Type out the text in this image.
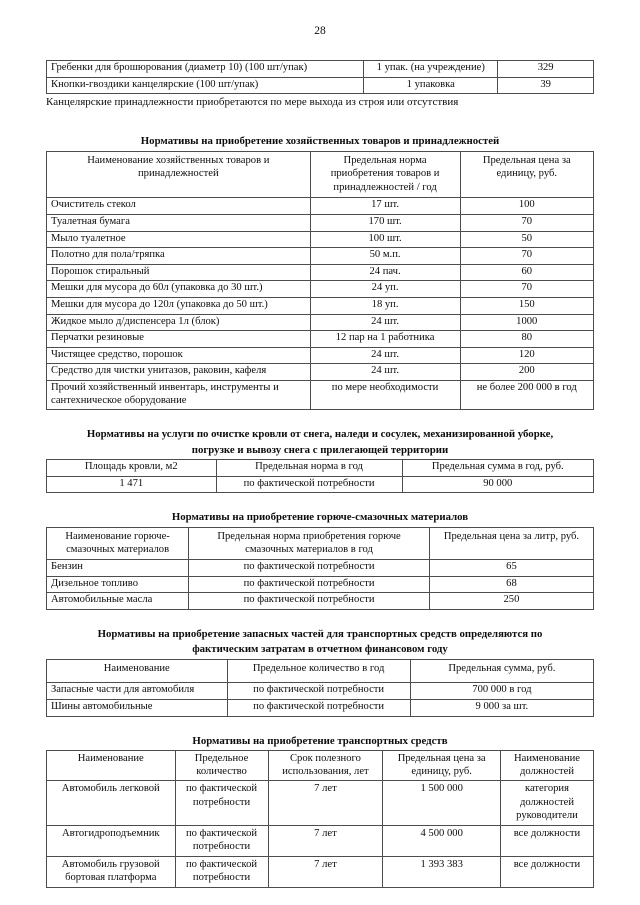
28
Гребенки для брошюрования (диаметр 10) (100 шт/упак)	1 упак. (на учреждение)	329
Кнопки-гвоздики канцелярские (100 шт/упак)	1 упаковка	39

Канцелярские принадлежности приобретаются по мере выхода из строя или отсутствия

Нормативы на приобретение хозяйственных товаров и принадлежностей
Наименование хозяйственных товаров и принадлежностей	Предельная норма приобретения товаров и принадлежностей / год	Предельная цена за единицу, руб.
Очиститель стекол	17 шт.	100
Туалетная бумага	170 шт.	70
Мыло туалетное	100 шт.	50
Полотно для пола/тряпка	50 м.п.	70
Порошок стиральный	24 пач.	60
Мешки для мусора до 60л (упаковка до 30 шт.)	24 уп.	70
Мешки для мусора до 120л (упаковка до 50 шт.)	18 уп.	150
Жидкое мыло д/диспенсера 1л (блок)	24 шт.	1000
Перчатки резиновые	12 пар на 1 работника	80
Чистящее средство, порошок	24 шт.	120
Средство для чистки унитазов, раковин, кафеля	24 шт.	200
Прочий хозяйственный инвентарь, инструменты и сантехническое оборудование	по мере необходимости	не более 200 000 в год
Нормативы на услуги по очистке кровли от снега, наледи и сосулек, механизированной уборке,
погрузке и вывозу снега с прилегающей территории
Площадь кровли, м2	Предельная норма в год	Предельная сумма в год, руб.
1 471	по фактической потребности	90 000
Нормативы на приобретение горюче-смазочных материалов
Наименование горюче-смазочных материалов	Предельная норма приобретения горюче смазочных материалов в год	Предельная цена за литр, руб.
Бензин	по фактической потребности	65
Дизельное топливо	по фактической потребности	68
Автомобильные масла	по фактической потребности	250
Нормативы на приобретение запасных частей для транспортных средств определяются по
фактическим затратам в отчетном финансовом году
Наименование	Предельное количество в год	Предельная сумма, руб.
Запасные части для автомобиля	по фактической потребности	700 000 в год
Шины автомобильные	по фактической потребности	9 000 за шт.
Нормативы на приобретение транспортных средств
Наименование	Предельное количество	Срок полезного использования, лет	Предельная цена за единицу, руб.	Наименование должностей
Автомобиль легковой	по фактической потребности	7 лет	1 500 000	категория должностей руководители
Автогидроподъемник	по фактической потребности	7 лет	4 500 000	все должности
Автомобиль грузовой бортовая платформа	по фактической потребности	7 лет	1 393 383	все должности
